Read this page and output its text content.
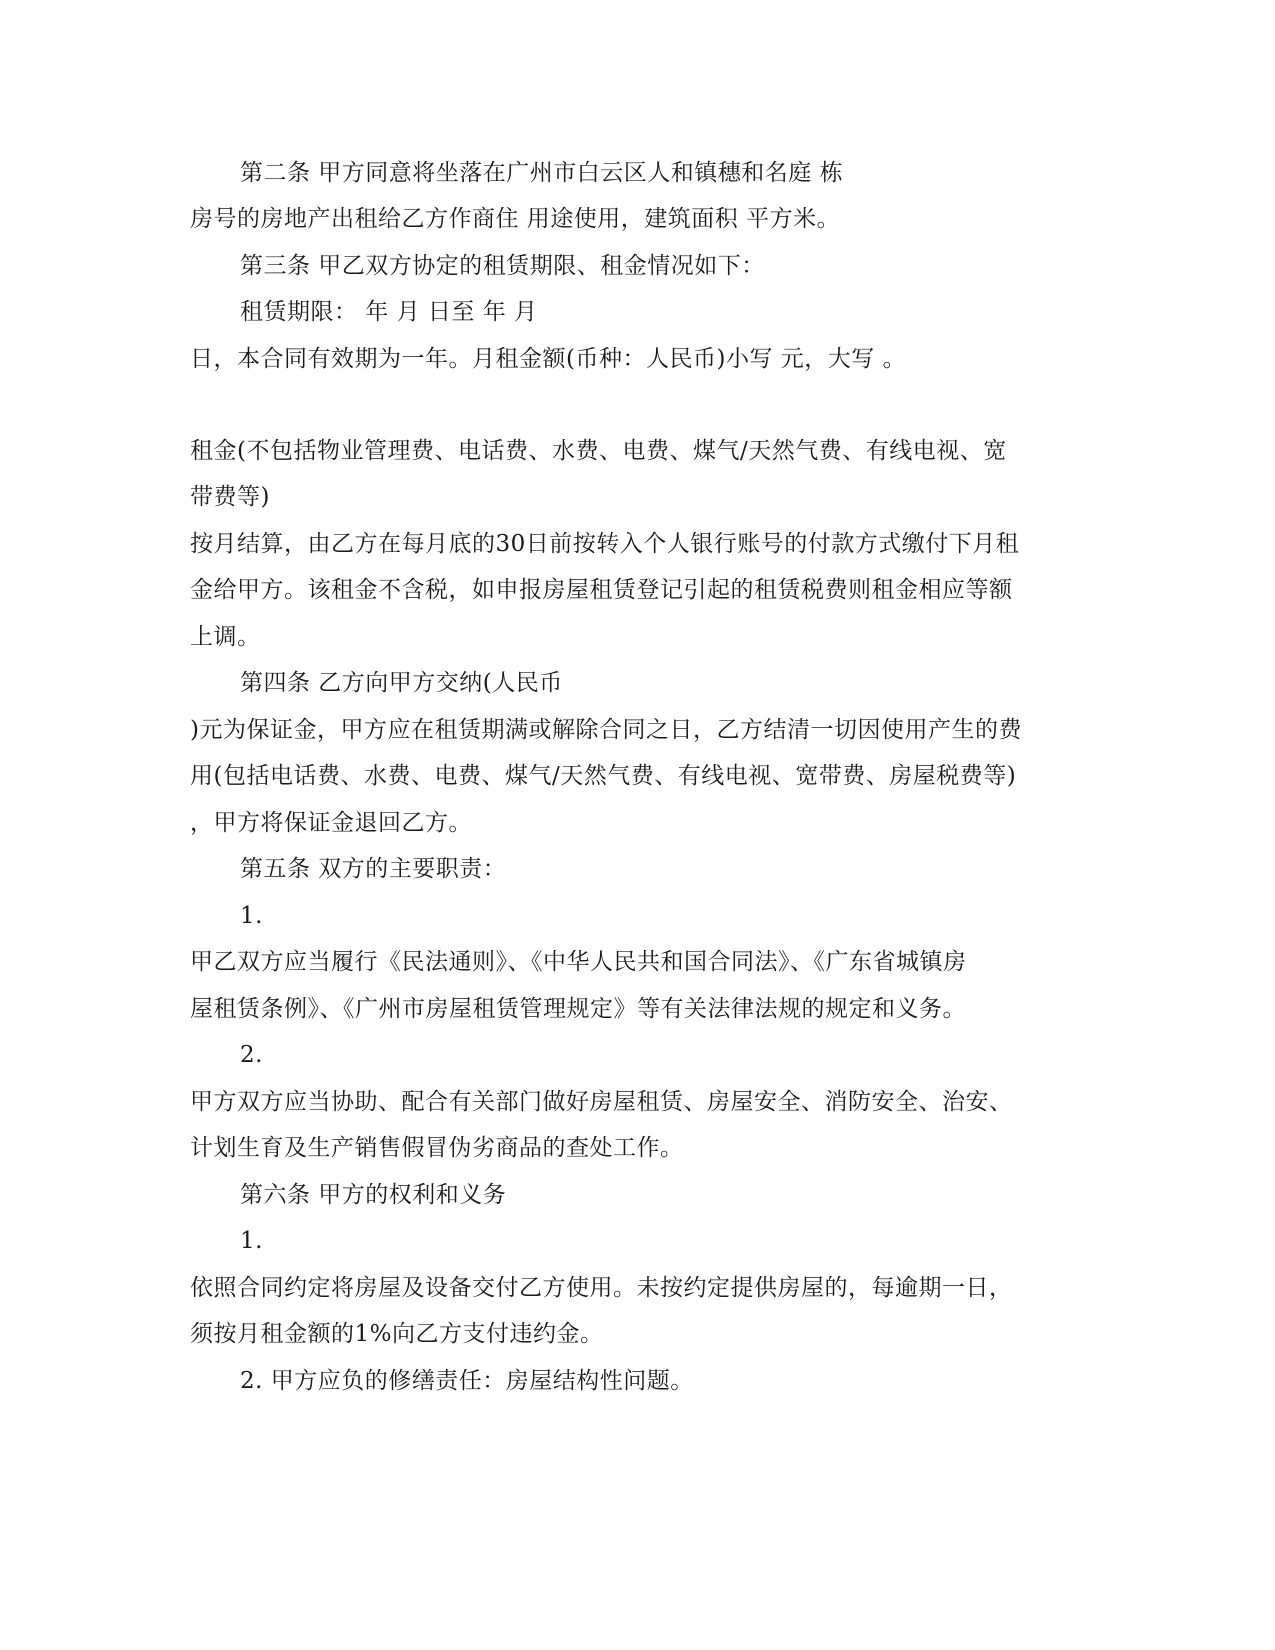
第二条 甲方同意将坐落在广州市白云区人和镇穗和名庭 栋
房号的房地产出租给乙方作商住 用途使用，建筑面积 平方米。
第三条 甲乙双方协定的租赁期限、租金情况如下：
租赁期限： 年 月 日至 年 月
日，本合同有效期为一年。月租金额(币种：人民币)小写 元，大写 。
租金(不包括物业管理费、电话费、水费、电费、煤气/天然气费、有线电视、宽
带费等)
按月结算，由乙方在每月底的30日前按转入个人银行账号的付款方式缴付下月租
金给甲方。该租金不含税，如申报房屋租赁登记引起的租赁税费则租金相应等额
上调。
第四条 乙方向甲方交纳(人民币
)元为保证金，甲方应在租赁期满或解除合同之日，乙方结清一切因使用产生的费
用(包括电话费、水费、电费、煤气/天然气费、有线电视、宽带费、房屋税费等)
，甲方将保证金退回乙方。
第五条 双方的主要职责：
1.
甲乙双方应当履行《民法通则》、《中华人民共和国合同法》、《广东省城镇房
屋租赁条例》、《广州市房屋租赁管理规定》等有关法律法规的规定和义务。
2.
甲方双方应当协助、配合有关部门做好房屋租赁、房屋安全、消防安全、治安、
计划生育及生产销售假冒伪劣商品的查处工作。
第六条 甲方的权利和义务
1.
依照合同约定将房屋及设备交付乙方使用。未按约定提供房屋的，每逾期一日，
须按月租金额的1%向乙方支付违约金。
2. 甲方应负的修缮责任：房屋结构性问题。
